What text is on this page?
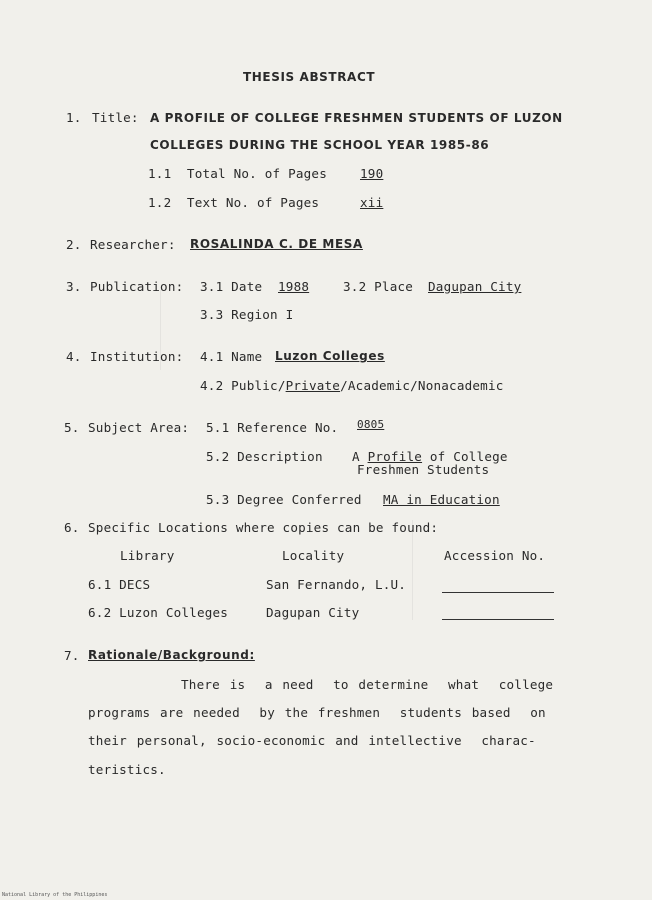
THESIS ABSTRACT
1. Title: A PROFILE OF COLLEGE FRESHMEN STUDENTS OF LUZON
COLLEGES DURING THE SCHOOL YEAR 1985-86
1.1  Total No. of Pages	190
1.2  Text No. of Pages	xii
2. Researcher: ROSALINDA C. DE MESA
3. Publication: 3.1 Date 1988	3.2 Place Dagupan City
3.3 Region I
4. Institution: 4.1 Name Luzon Colleges
4.2 Public/Private/Academic/Nonacademic
5. Subject Area: 5.1 Reference No. 0805
5.2 Description A Profile of College
Freshmen Students
5.3 Degree Conferred MA in Education
6. Specific Locations where copies can be found:
Library	Locality	Accession No.
6.1 DECS	San Fernando, L.U.
6.2 Luzon Colleges	Dagupan City
7. Rationale/Background:
There is  a need  to determine  what  college
programs are needed  by the freshmen  students based  on
their personal, socio-economic and intellective  charac-
teristics.
National Library of the Philippines
